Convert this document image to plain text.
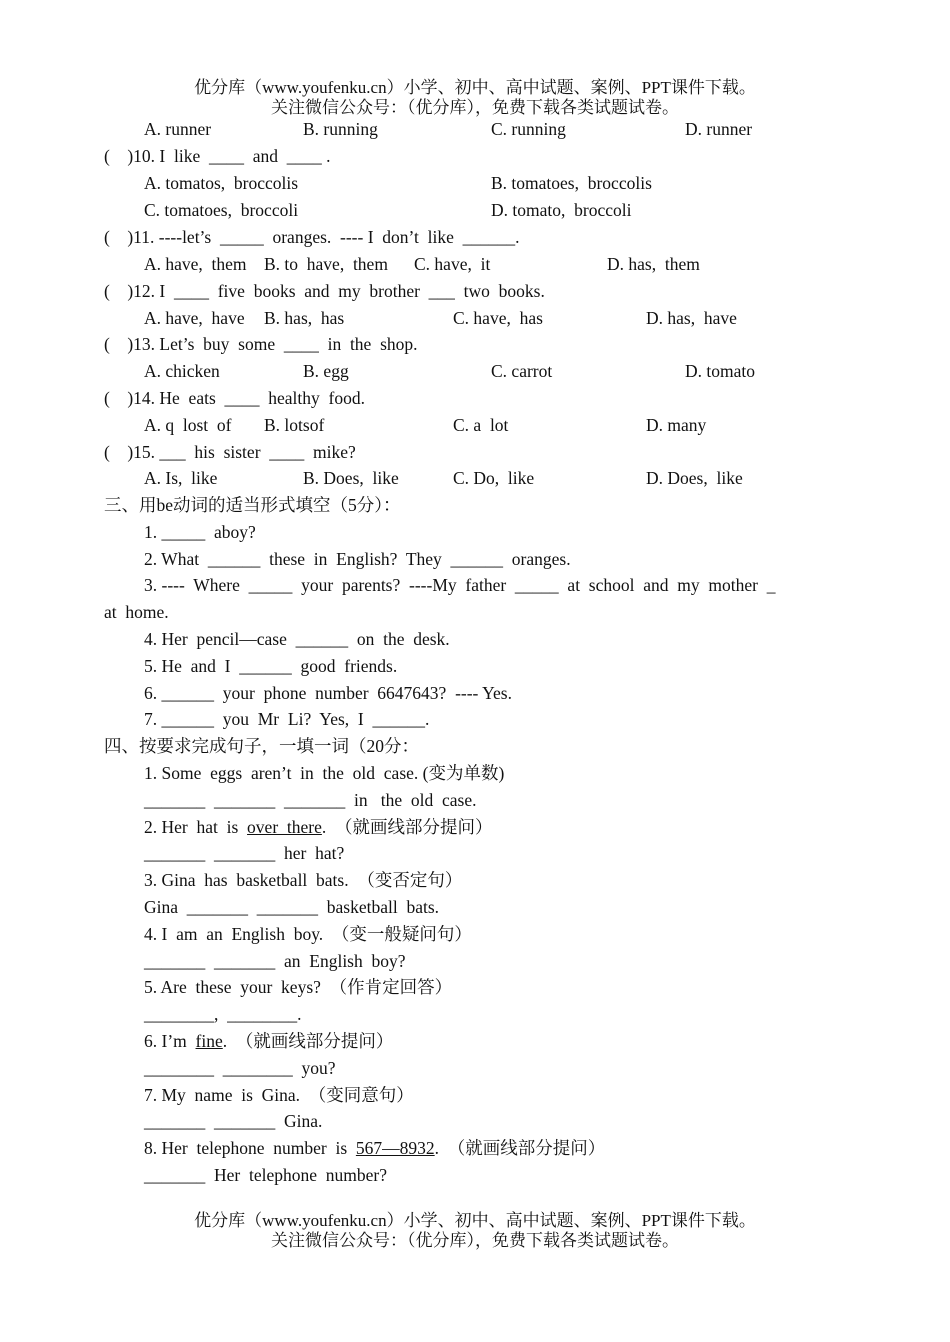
优分库（www.youfenku.cn）小学、初中、高中试题、案例、PPT课件下载。
关注微信公众号：（优分库），免费下载各类试题试卷。
A. runner	B. running	C. running	D. runner
(    )10. I  like  ____  and  ____ .
A. tomatos,  broccolis	B. tomatoes,  broccolis
C. tomatoes,  broccoli	D. tomato,  broccoli
(    )11. ----let’s  _____  oranges.  ---- I  don’t  like  ______.
A. have,  them B. to  have,  them C. have,  it	D. has,  them
(    )12. I  ____  five  books  and  my  brother  ___  two  books.
A. have,  have B. has,  has	C. have,  has	D. has,  have
(    )13. Let’s  buy  some  ____  in  the  shop.
A. chicken	B. egg	C. carrot	D. tomato
(    )14. He  eats  ____  healthy  food.
A. q  lost  of B. lotsof	C. a  lot	D. many
(    )15. ___  his  sister  ____  mike?
A. Is,  like	B. Does,  like	C. Do,  like	D. Does,  like
三、用be动词的适当形式填空（5分）：
1. _____  aboy?
2. What  ______  these  in  English?  They  ______  oranges.
3. ----  Where  _____  your  parents?  ----My  father  _____  at  school  and  my  mother  _
at  home.
4. Her  pencil—case  ______  on  the  desk.
5. He  and  I  ______  good  friends.
6. ______  your  phone  number  6647643?  ---- Yes.
7. ______  you  Mr  Li?  Yes,  I  ______.
四、按要求完成句子，一填一词（20分：
1. Some  eggs  aren’t  in  the  old  case. (变为单数)
_______  _______  _______  in   the  old  case.
2. Her  hat  is  over  there.  （就画线部分提问）
_______  _______  her  hat?
3. Gina  has  basketball  bats.  （变否定句）
Gina  _______  _______  basketball  bats.
4. I  am  an  English  boy.  （变一般疑问句）
_______  _______  an  English  boy?
5. Are  these  your  keys?  （作肯定回答）
________,  ________.
6. I’m  fine.  （就画线部分提问）
________  ________  you?
7. My  name  is  Gina.  （变同意句）
_______  _______  Gina.
8. Her  telephone  number  is  567—8932.  （就画线部分提问）
_______  Her  telephone  number?
优分库（www.youfenku.cn）小学、初中、高中试题、案例、PPT课件下载。
关注微信公众号：（优分库），免费下载各类试题试卷。
